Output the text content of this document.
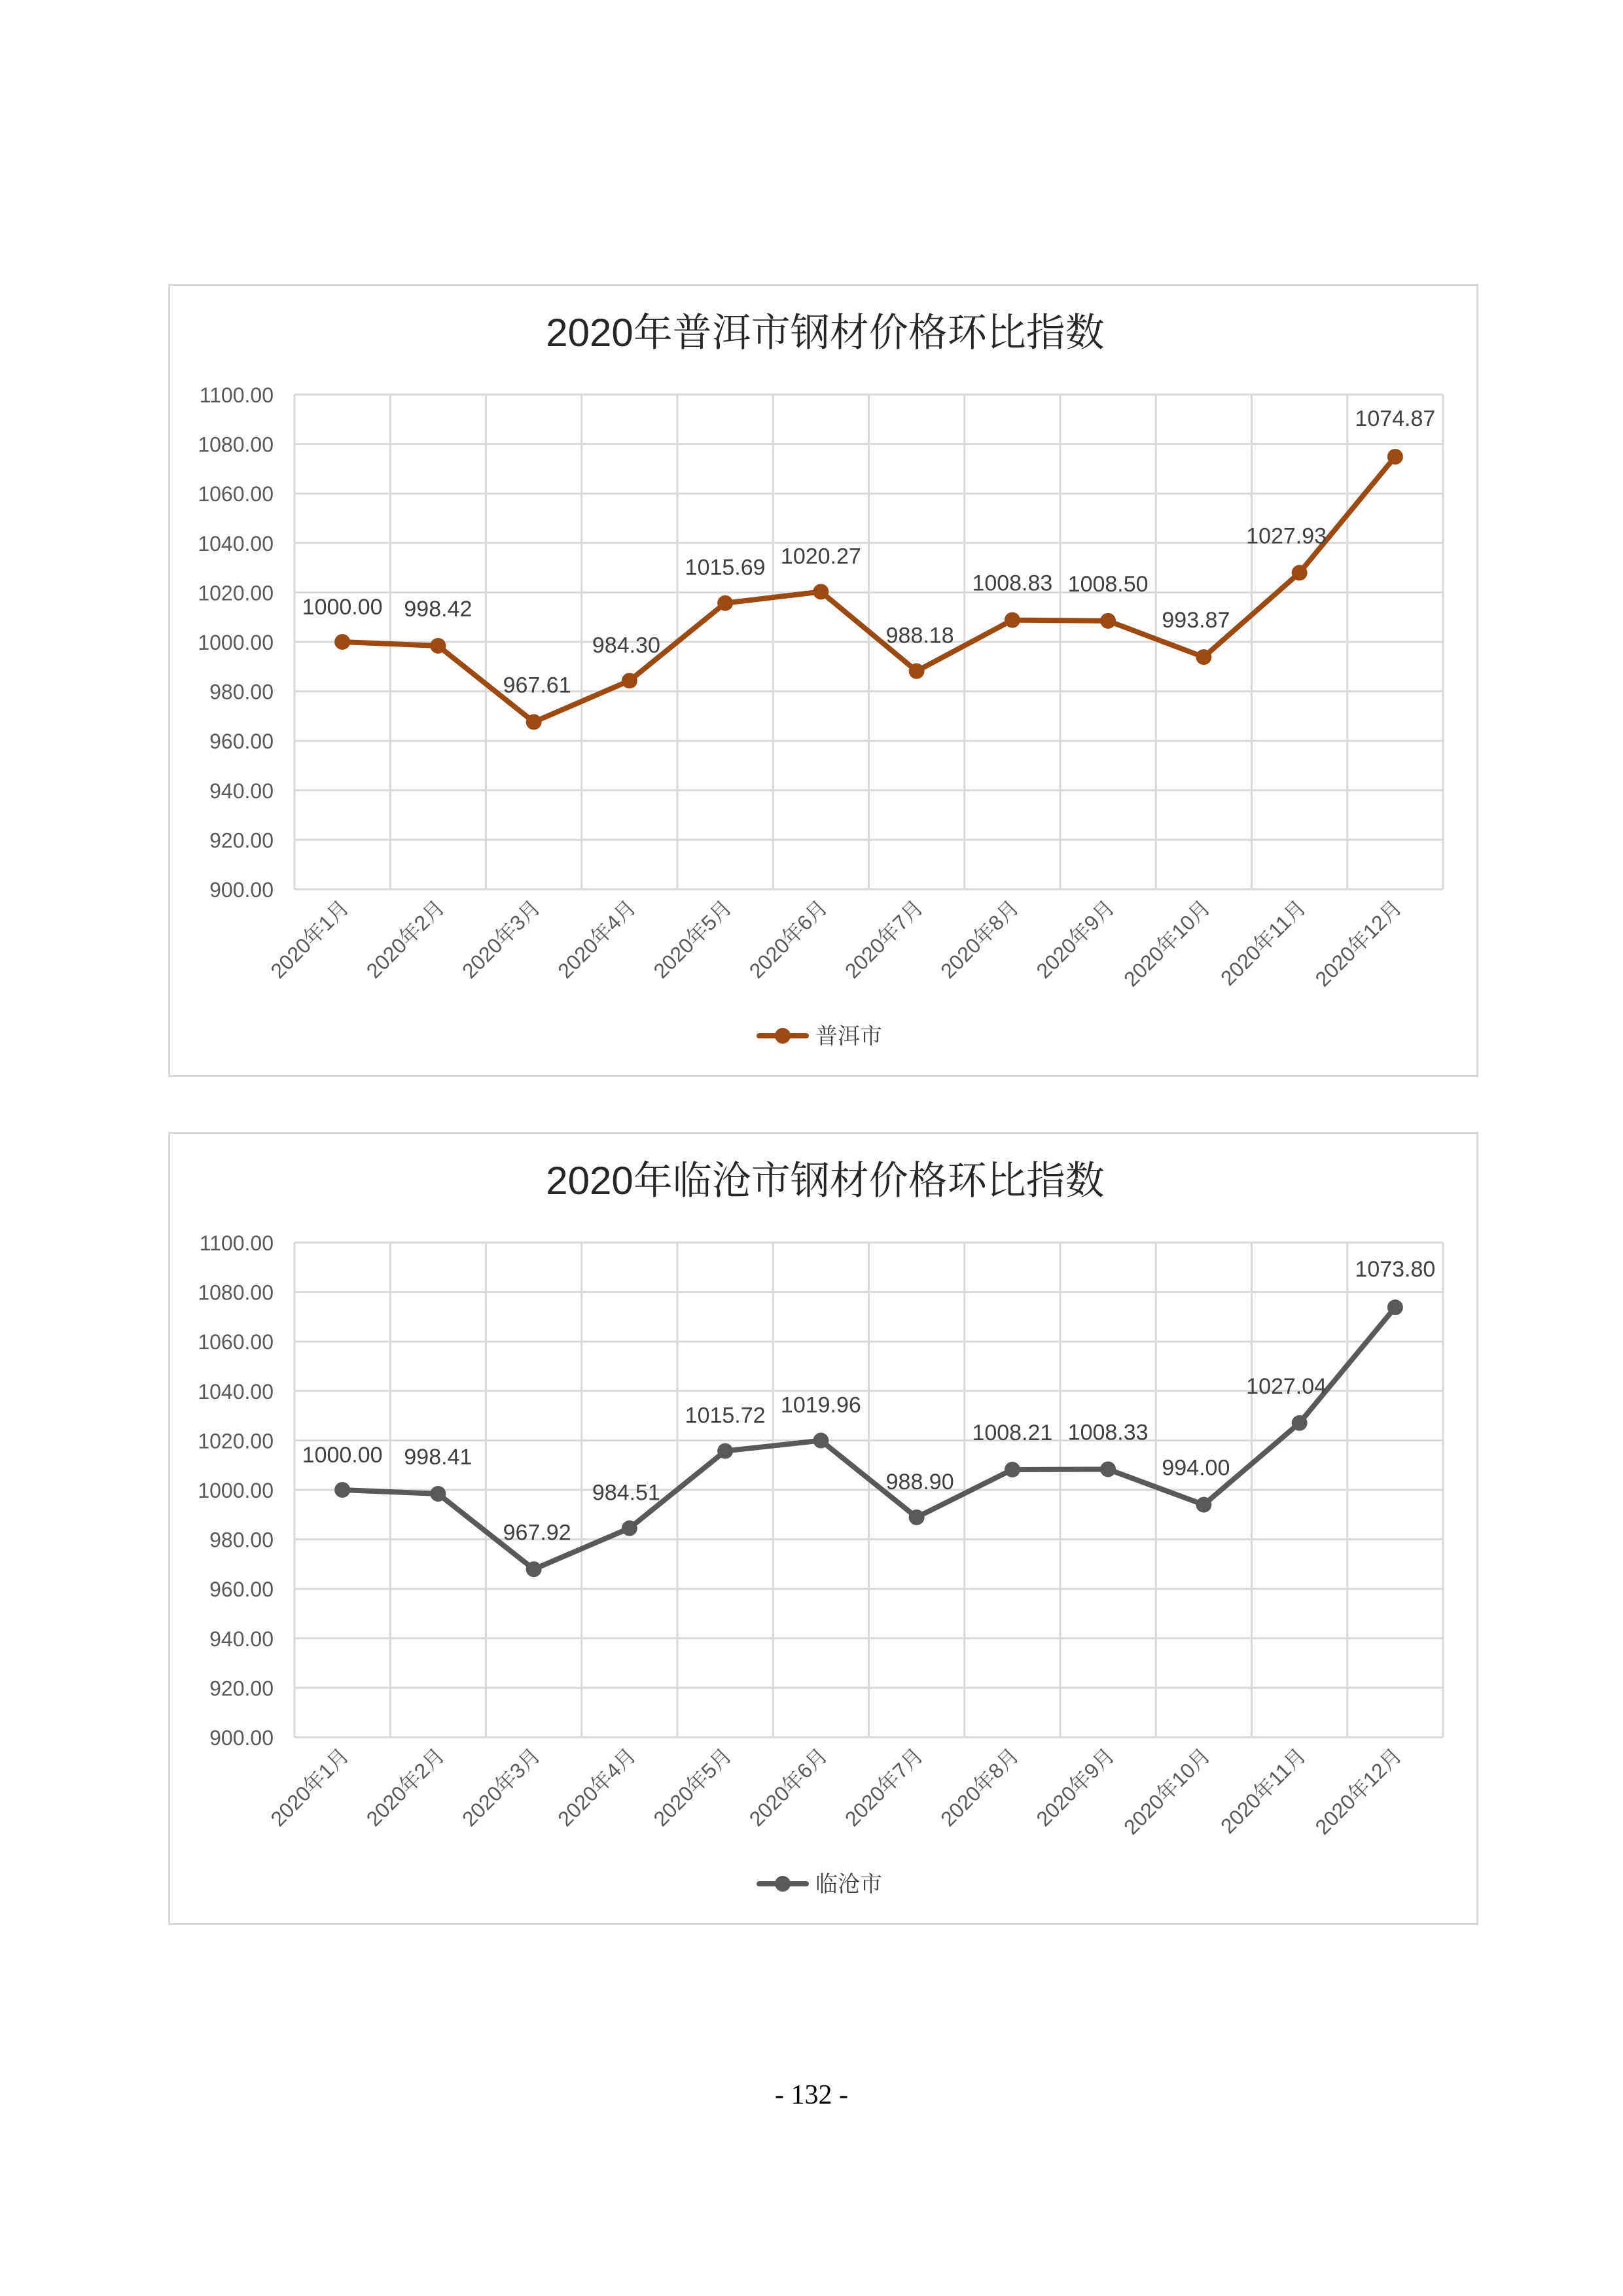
2020年普洱市钢材价格环比指数
900.00
920.00
940.00
960.00
980.00
1000.00
1020.00
1040.00
1060.00
1080.00
1100.00
2020年1月 2020年2月 2020年3月 2020年4月 2020年5月 2020年6月 2020年7月 2020年8月 2020年9月 2020年10月 2020年11月 2020年12月
1000.00 998.42
967.61
984.30
1015.69 1020.27
988.18
1008.83 1008.50
993.87
1027.93
1074.87
普洱市
2020年临沧市钢材价格环比指数
900.00
920.00
940.00
960.00
980.00
1000.00
1020.00
1040.00
1060.00
1080.00
1100.00
2020年1月 2020年2月 2020年3月 2020年4月 2020年5月 2020年6月 2020年7月 2020年8月 2020年9月 2020年10月 2020年11月 2020年12月
1000.00 998.41
967.92
984.51
1015.72 1019.96
988.90
1008.21 1008.33
994.00
1027.04
1073.80
临沧市
- 132 -
